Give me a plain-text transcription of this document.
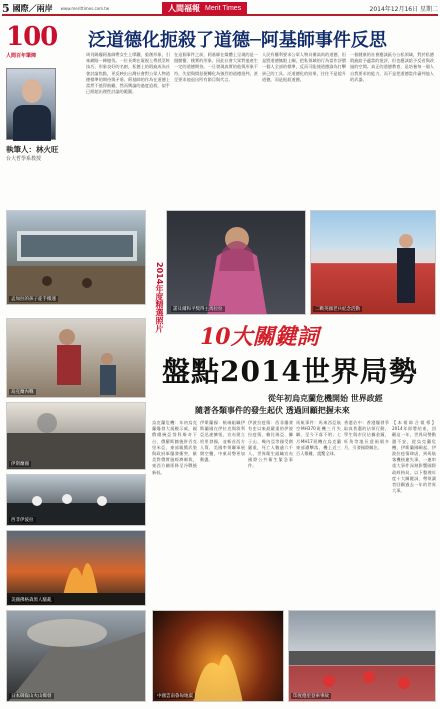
5 國際／兩岸 www.merittimes.com.tw	人間福報 Merit Times	2014年12月16日 星期二
100
人間百年筆陣
執筆人：林火旺
台大哲學系教授
泛道德化扼殺了道德─阿基師事件反思

周刊踢爆阿基師帶女生上摩鐵，重創形象，引來網路一陣撻伐。一位長期在電視上傳授烹飪技巧、形象良好的名廚，私德上的瑕疵成為社會討論焦點，更反映出台灣社會對公眾人物道德標準的期待與矛盾。阿基師的作為在道德上當然不值得鼓勵，然而輿論的過度追殺，似乎已經超出理性討論的範圍。

在這個事件之前，阿基師在媒體上呈現的是一個勤奮、樸實的形象，因此社會大眾對他產生一定的道德期待。一旦發現真實的他與形象不符，失望與憤怒便轉化為強烈的道德批判，甚至要求他退出所有節目與代言。

人民有權利要求公眾人物具備高尚的道德，但是將道德無限上綱，把私領域的行為當作評價一個人全部的標準，反而可能使道德淪為打擊異己的工具。泛道德化的結果，往往不是提升道德，而是扼殺道德。

一個健康的社會應該區分公私領域，對於私德瑕疵給予適當的批評，但也應該給予反省與改過的空間。真正的道德教育，是培養每一個人自我要求的能力，而不是把道德當作審判他人的武器。

孟加拉的孩子徒手搬運	2014年度精選照片	諾貝爾和平獎得主馬拉拉	二戰英國老兵紀念活動
烏克蘭內戰
伊斯蘭國
西非伊波拉
美國佛格森黑人騷亂
10大關鍵詞
盤點2014世界局勢
從年初烏克蘭危機開始 世界政經
隨著各類事件的發生起伏 透過回顧把握未來

烏克蘭危機：年初烏克蘭爆發大規模示威，親俄總統亞努科維奇下台，俄羅斯隨後併吞克里米亞，東部親俄武裝與政府軍爆發衝突，歐美對俄實施經濟制裁，東西方關係降至冷戰後新低。

伊斯蘭國：極端組織伊斯蘭國在伊拉克與敘利亞迅速擴張，宣布建立哈里發國，並斬首西方人質，美國率領聯軍展開空襲，中東局勢更加動盪。

伊波拉疫情：西非爆發有史以來最嚴重的伊波拉疫情，賴比瑞亞、獅子山、幾內亞等國受創嚴重，死亡人數逾六千人，世界衛生組織宣布國際公共衛生緊急事件。

馬航事件：馬來西亞航空MH370班機三月失聯，至今下落不明；七月MH17班機在烏克蘭東部遭擊落，機上近三百人罹難，震驚全球。

香港佔中：香港爆發爭取真普選的佔領行動，學生與市民佔據金鐘、旺角等地長達兩個多月，引發國際關注。

【本報綜合報導】2014年即將結束，回顧這一年，世界局勢動盪不安，從烏克蘭危機、伊斯蘭國崛起、伊波拉疫情肆虐，到馬航客機接連失事，一連串重大事件深刻影響國際政經格局。以下整理年度十大關鍵詞，帶領讀者回顧過去一年的世界大事。

日本御嶽山火山爆發	中國雲南魯甸地震	印度德里登車事故
